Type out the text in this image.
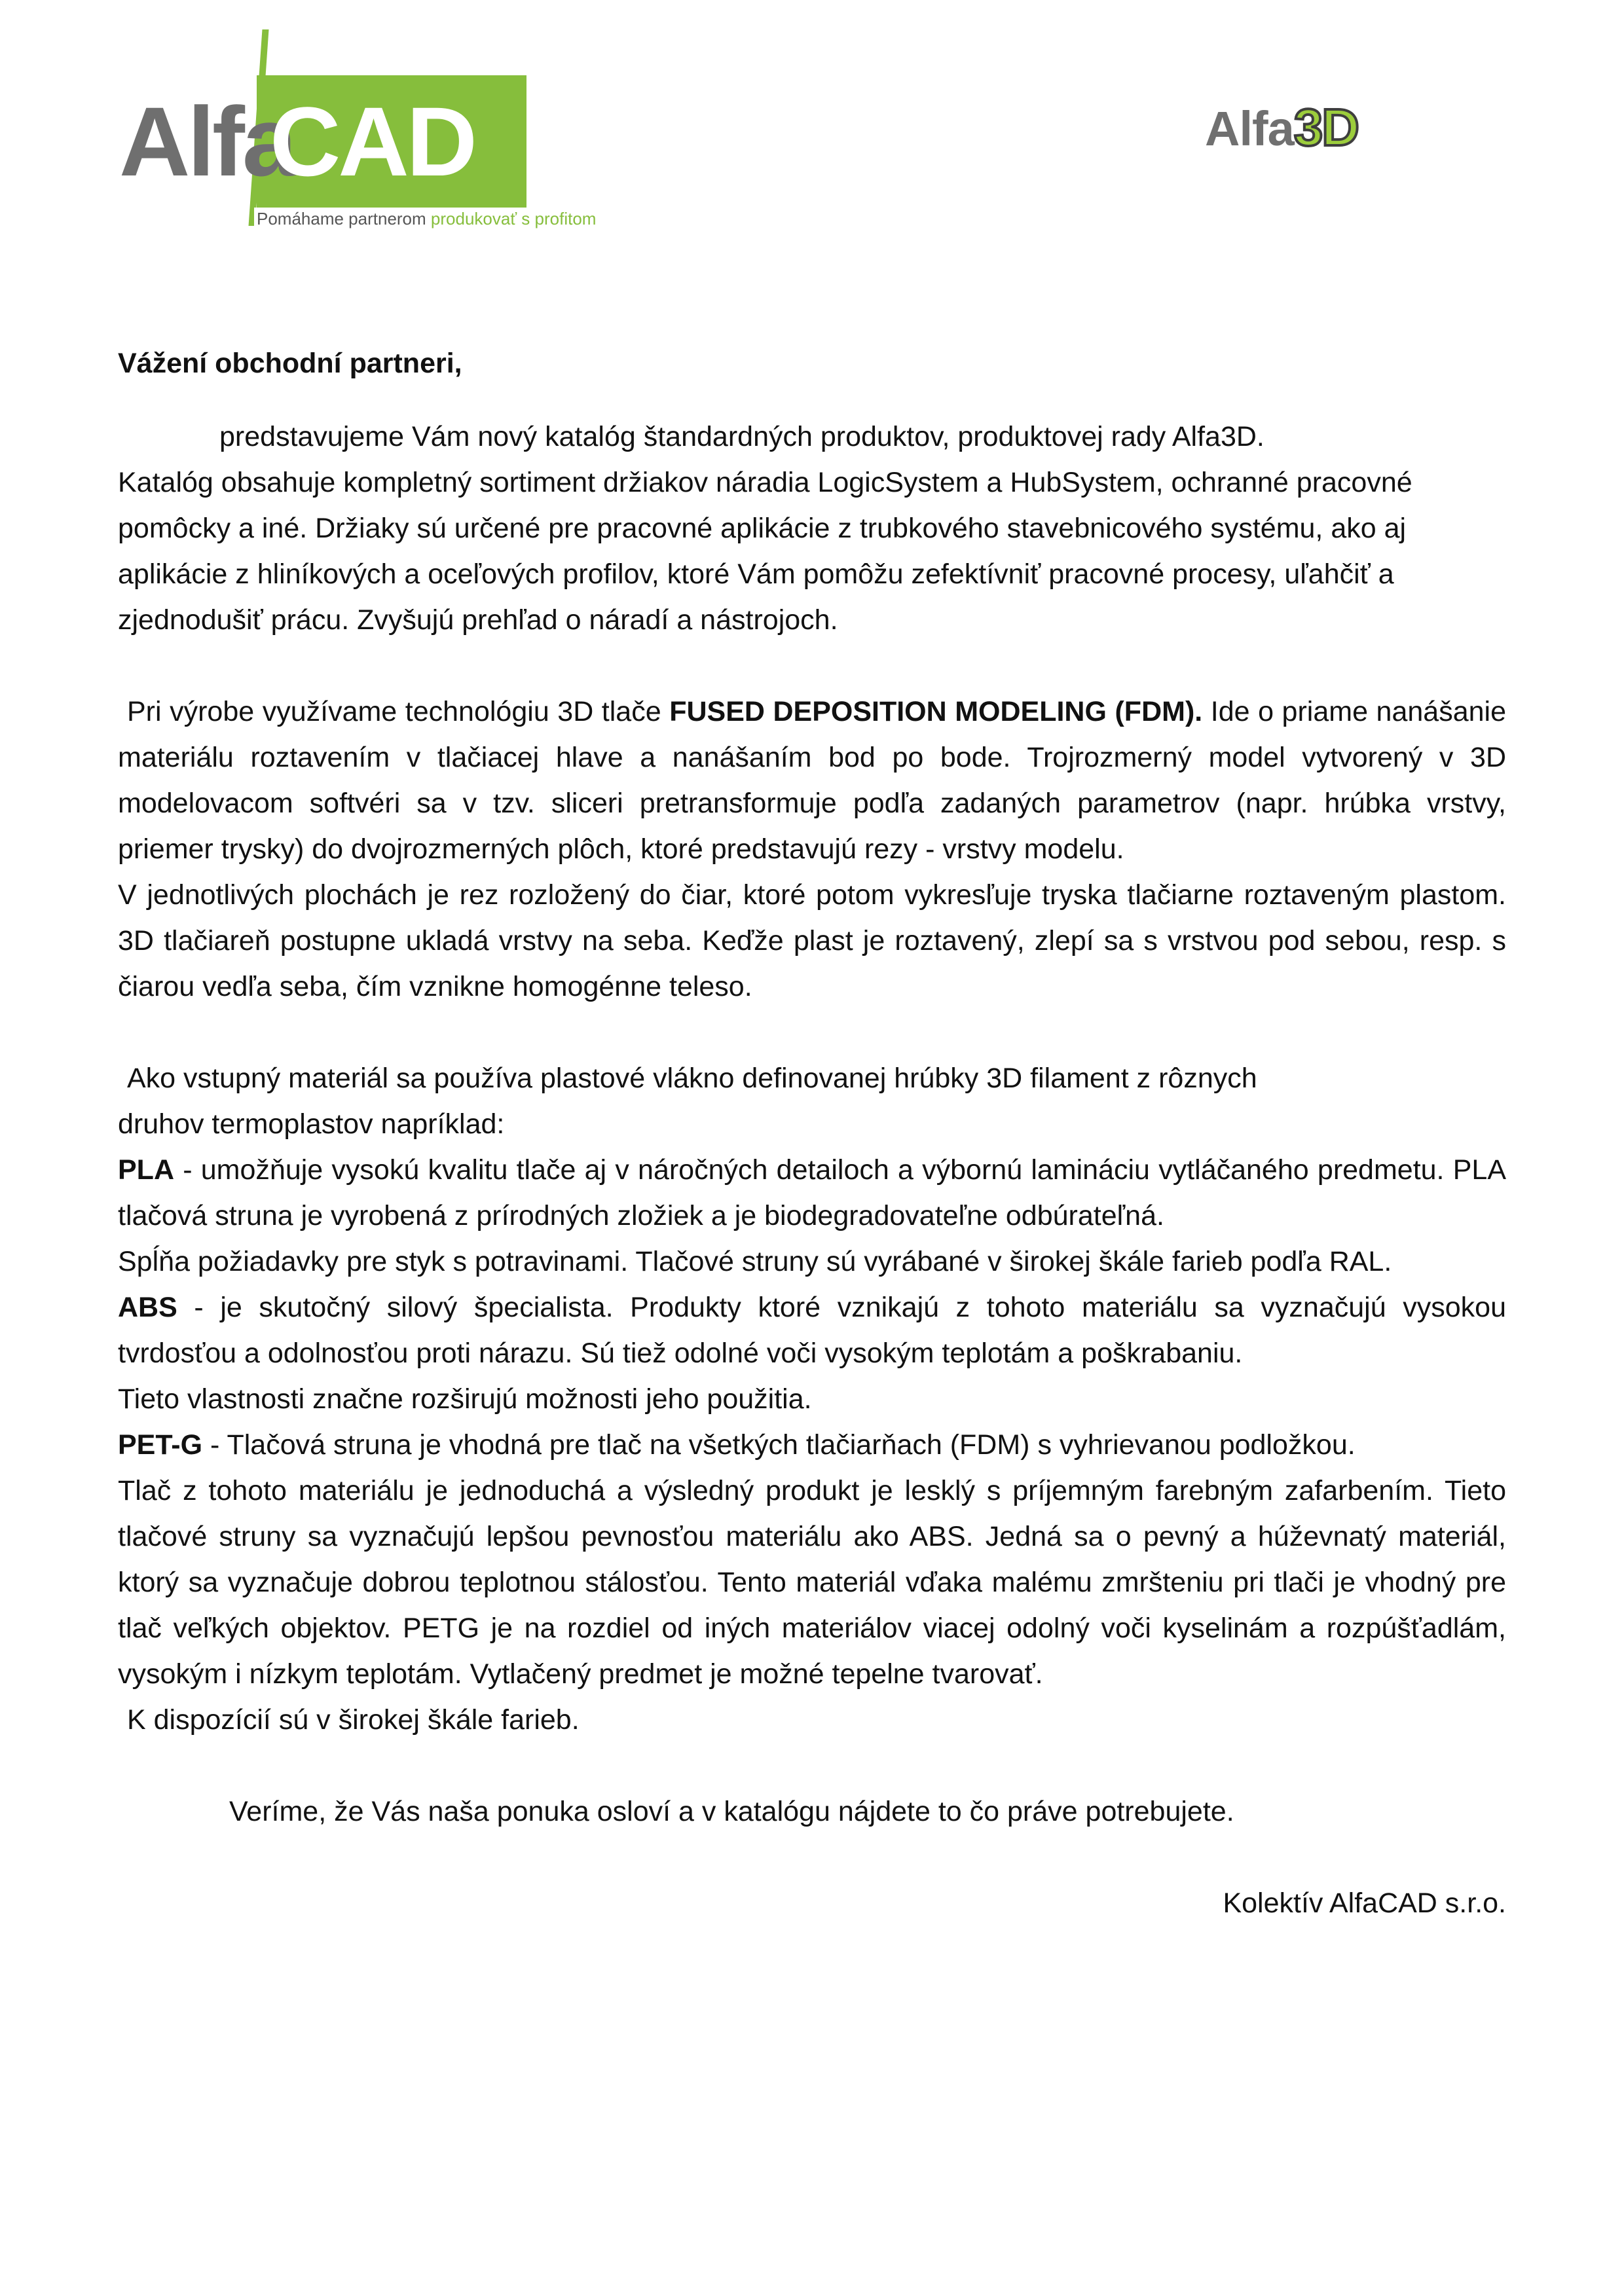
Alfa
CAD
Pomáhame partnerom produkovať s profitom
Alfa3D

Vážení obchodní partneri,

predstavujeme Vám nový katalóg štandardných produktov, produktovej rady Alfa3D.

Katalóg obsahuje kompletný sortiment držiakov náradia LogicSystem a HubSystem, ochranné pracovné pomôcky a iné. Držiaky sú určené pre pracovné aplikácie z trubkového stavebnicového systému, ako aj aplikácie z hliníkových a oceľových profilov, ktoré Vám pomôžu zefektívniť pracovné procesy, uľahčiť a zjednodušiť prácu. Zvyšujú prehľad o náradí a nástrojoch.

Pri výrobe využívame technológiu 3D tlače FUSED DEPOSITION MODELING (FDM). Ide o priame nanášanie materiálu roztavením v tlačiacej hlave a nanášaním bod po bode. Trojrozmerný model vytvorený v 3D modelovacom softvéri sa v tzv. sliceri pretransformuje podľa zadaných parametrov (napr. hrúbka vrstvy, priemer trysky) do dvojrozmerných plôch, ktoré predstavujú rezy - vrstvy modelu.

V jednotlivých plochách je rez rozložený do čiar, ktoré potom vykresľuje tryska tlačiarne roztaveným plastom. 3D tlačiareň postupne ukladá vrstvy na seba. Keďže plast je roztavený, zlepí sa s vrstvou pod sebou, resp. s čiarou vedľa seba, čím vznikne homogénne teleso.

Ako vstupný materiál sa používa plastové vlákno definovanej hrúbky 3D filament z rôznych

druhov termoplastov napríklad:

PLA - umožňuje vysokú kvalitu tlače aj v náročných detailoch a výbornú lamináciu vytláčaného predmetu. PLA tlačová struna je vyrobená z prírodných zložiek a je biodegradovateľne odbúrateľná.

Spĺňa požiadavky pre styk s potravinami. Tlačové struny sú vyrábané v širokej škále farieb podľa RAL.

ABS - je skutočný silový špecialista. Produkty ktoré vznikajú z tohoto materiálu sa vyznačujú vysokou tvrdosťou a odolnosťou proti nárazu. Sú tiež odolné voči vysokým teplotám a poškrabaniu.

Tieto vlastnosti značne rozširujú možnosti jeho použitia.

PET-G - Tlačová struna je vhodná pre tlač na všetkých tlačiarňach (FDM) s vyhrievanou podložkou.

Tlač z tohoto materiálu je jednoduchá a výsledný produkt je lesklý s príjemným farebným zafarbením. Tieto tlačové struny sa vyznačujú lepšou pevnosťou materiálu ako ABS. Jedná sa o pevný a húževnatý materiál, ktorý sa vyznačuje dobrou teplotnou stálosťou. Tento materiál vďaka malému zmršteniu pri tlači je vhodný pre tlač veľkých objektov. PETG je na rozdiel od iných materiálov viacej odolný voči kyselinám a rozpúšťadlám, vysokým i nízkym teplotám. Vytlačený predmet je možné tepelne tvarovať.

K dispozícií sú v širokej škále farieb.

Veríme, že Vás naša ponuka osloví a v katalógu nájdete to čo práve potrebujete.

Kolektív AlfaCAD s.r.o.
